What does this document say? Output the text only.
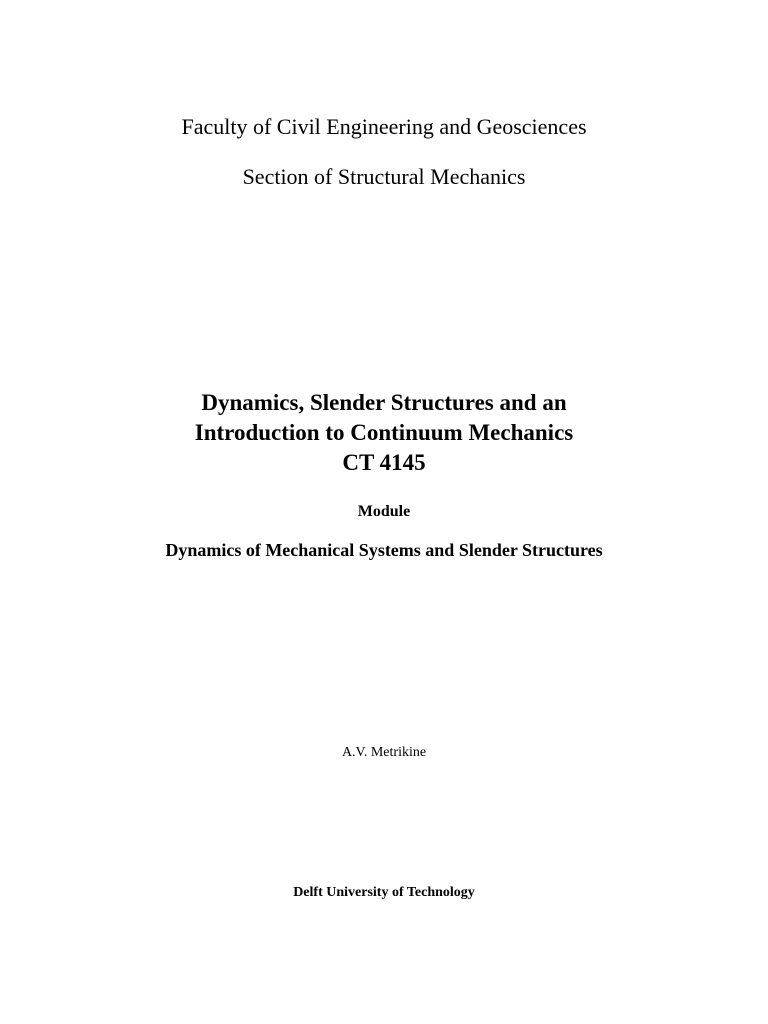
Faculty of Civil Engineering and Geosciences
Section of Structural Mechanics
Dynamics, Slender Structures and an
Introduction to Continuum Mechanics
CT 4145
Module
Dynamics of Mechanical Systems and Slender Structures
A.V. Metrikine
Delft University of Technology
